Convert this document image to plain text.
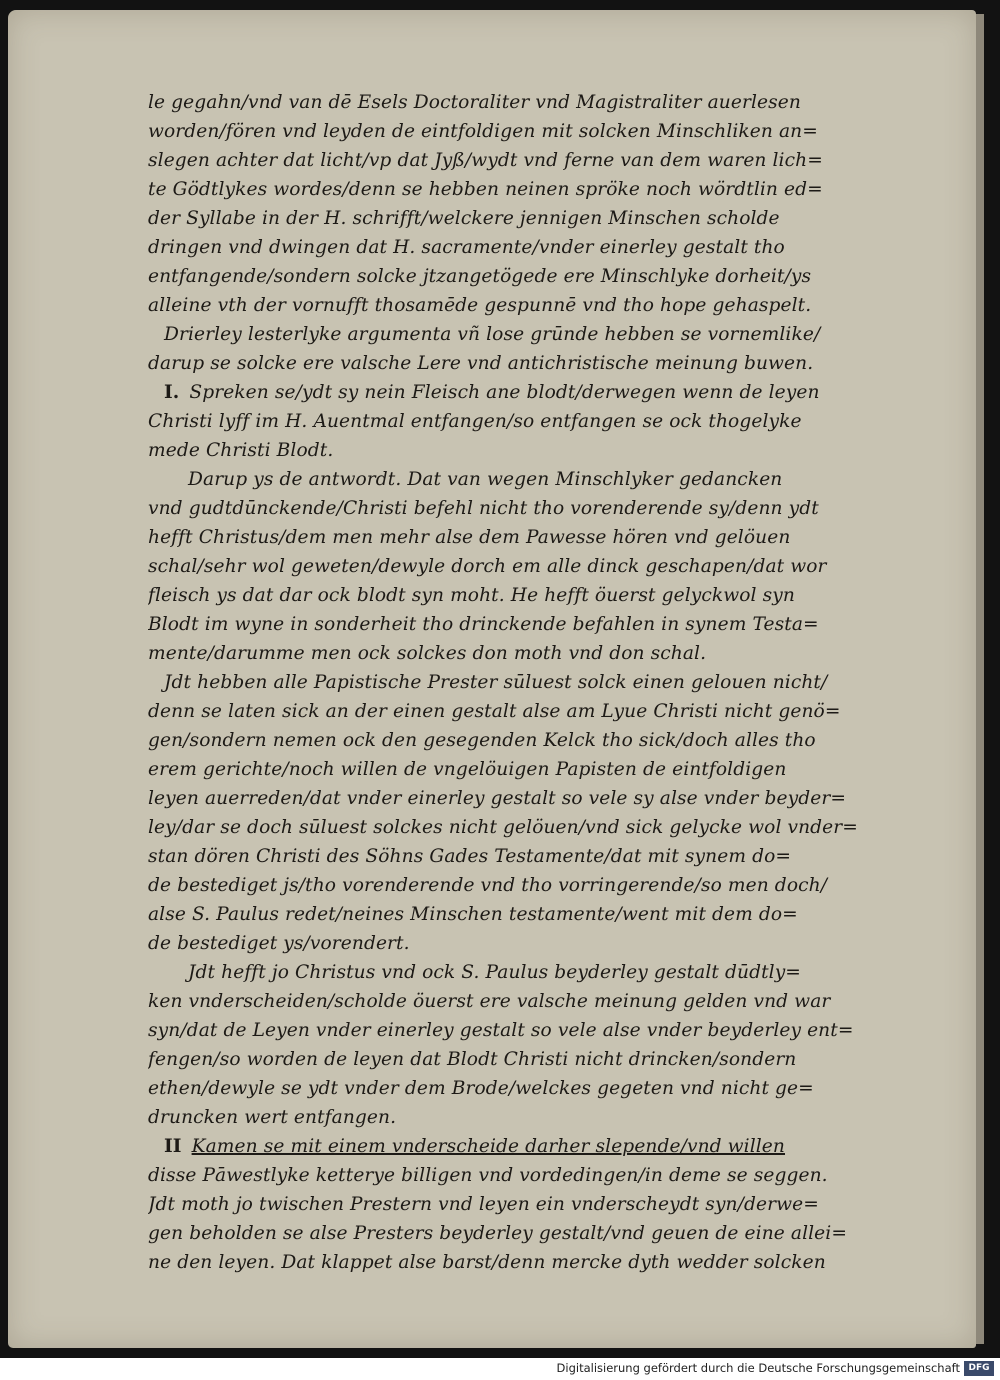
le gegahn/vnd van dē Esels Doctoraliter vnd Magistraliter auerlesen
worden/fören vnd leyden de eintfoldigen mit solcken Minschliken an=
slegen achter dat licht/vp dat Jyß/wydt vnd ferne van dem waren lich=
te Gödtlykes wordes/denn se hebben neinen spröke noch wördtlin ed=
der Syllabe in der H. schrifft/welckere jennigen Minschen scholde
dringen vnd dwingen dat H. sacramente/vnder einerley gestalt tho
entfangende/sondern solcke jtzangetögede ere Minschlyke dorheit/ys
alleine vth der vornufft thosamēde gespunnē vnd tho hope gehaspelt.
Drierley lesterlyke argumenta vñ lose grūnde hebben se vornemlike/
darup se solcke ere valsche Lere vnd antichristische meinung buwen.
I. Spreken se/ydt sy nein Fleisch ane blodt/derwegen wenn de leyen
Christi lyff im H. Auentmal entfangen/so entfangen se ock thogelyke
mede Christi Blodt.
Darup ys de antwordt. Dat van wegen Minschlyker gedancken
vnd gudtdūnckende/Christi befehl nicht tho vorenderende sy/denn ydt
hefft Christus/dem men mehr alse dem Pawesse hören vnd gelöuen
schal/sehr wol geweten/dewyle dorch em alle dinck geschapen/dat wor
fleisch ys dat dar ock blodt syn moht. He hefft öuerst gelyckwol syn
Blodt im wyne in sonderheit tho drinckende befahlen in synem Testa=
mente/darumme men ock solckes don moth vnd don schal.
Jdt hebben alle Papistische Prester sūluest solck einen gelouen nicht/
denn se laten sick an der einen gestalt alse am Lyue Christi nicht genö=
gen/sondern nemen ock den gesegenden Kelck tho sick/doch alles tho
erem gerichte/noch willen de vngelöuigen Papisten de eintfoldigen
leyen auerreden/dat vnder einerley gestalt so vele sy alse vnder beyder=
ley/dar se doch sūluest solckes nicht gelöuen/vnd sick gelycke wol vnder=
stan dören Christi des Söhns Gades Testamente/dat mit synem do=
de bestediget js/tho vorenderende vnd tho vorringerende/so men doch/
alse S. Paulus redet/neines Minschen testamente/went mit dem do=
de bestediget ys/vorendert.
Jdt hefft jo Christus vnd ock S. Paulus beyderley gestalt dūdtly=
ken vnderscheiden/scholde öuerst ere valsche meinung gelden vnd war
syn/dat de Leyen vnder einerley gestalt so vele alse vnder beyderley ent=
fengen/so worden de leyen dat Blodt Christi nicht drincken/sondern
ethen/dewyle se ydt vnder dem Brode/welckes gegeten vnd nicht ge=
druncken wert entfangen.
II Kamen se mit einem vnderscheide darher slepende/vnd willen
disse Pāwestlyke ketterye billigen vnd vordedingen/in deme se seggen.
Jdt moth jo twischen Prestern vnd leyen ein vnderscheydt syn/derwe=
gen beholden se alse Presters beyderley gestalt/vnd geuen de eine allei=
ne den leyen. Dat klappet alse barst/denn mercke dyth wedder solcken
Digitalisierung gefördert durch die Deutsche Forschungsgemeinschaft DFG
